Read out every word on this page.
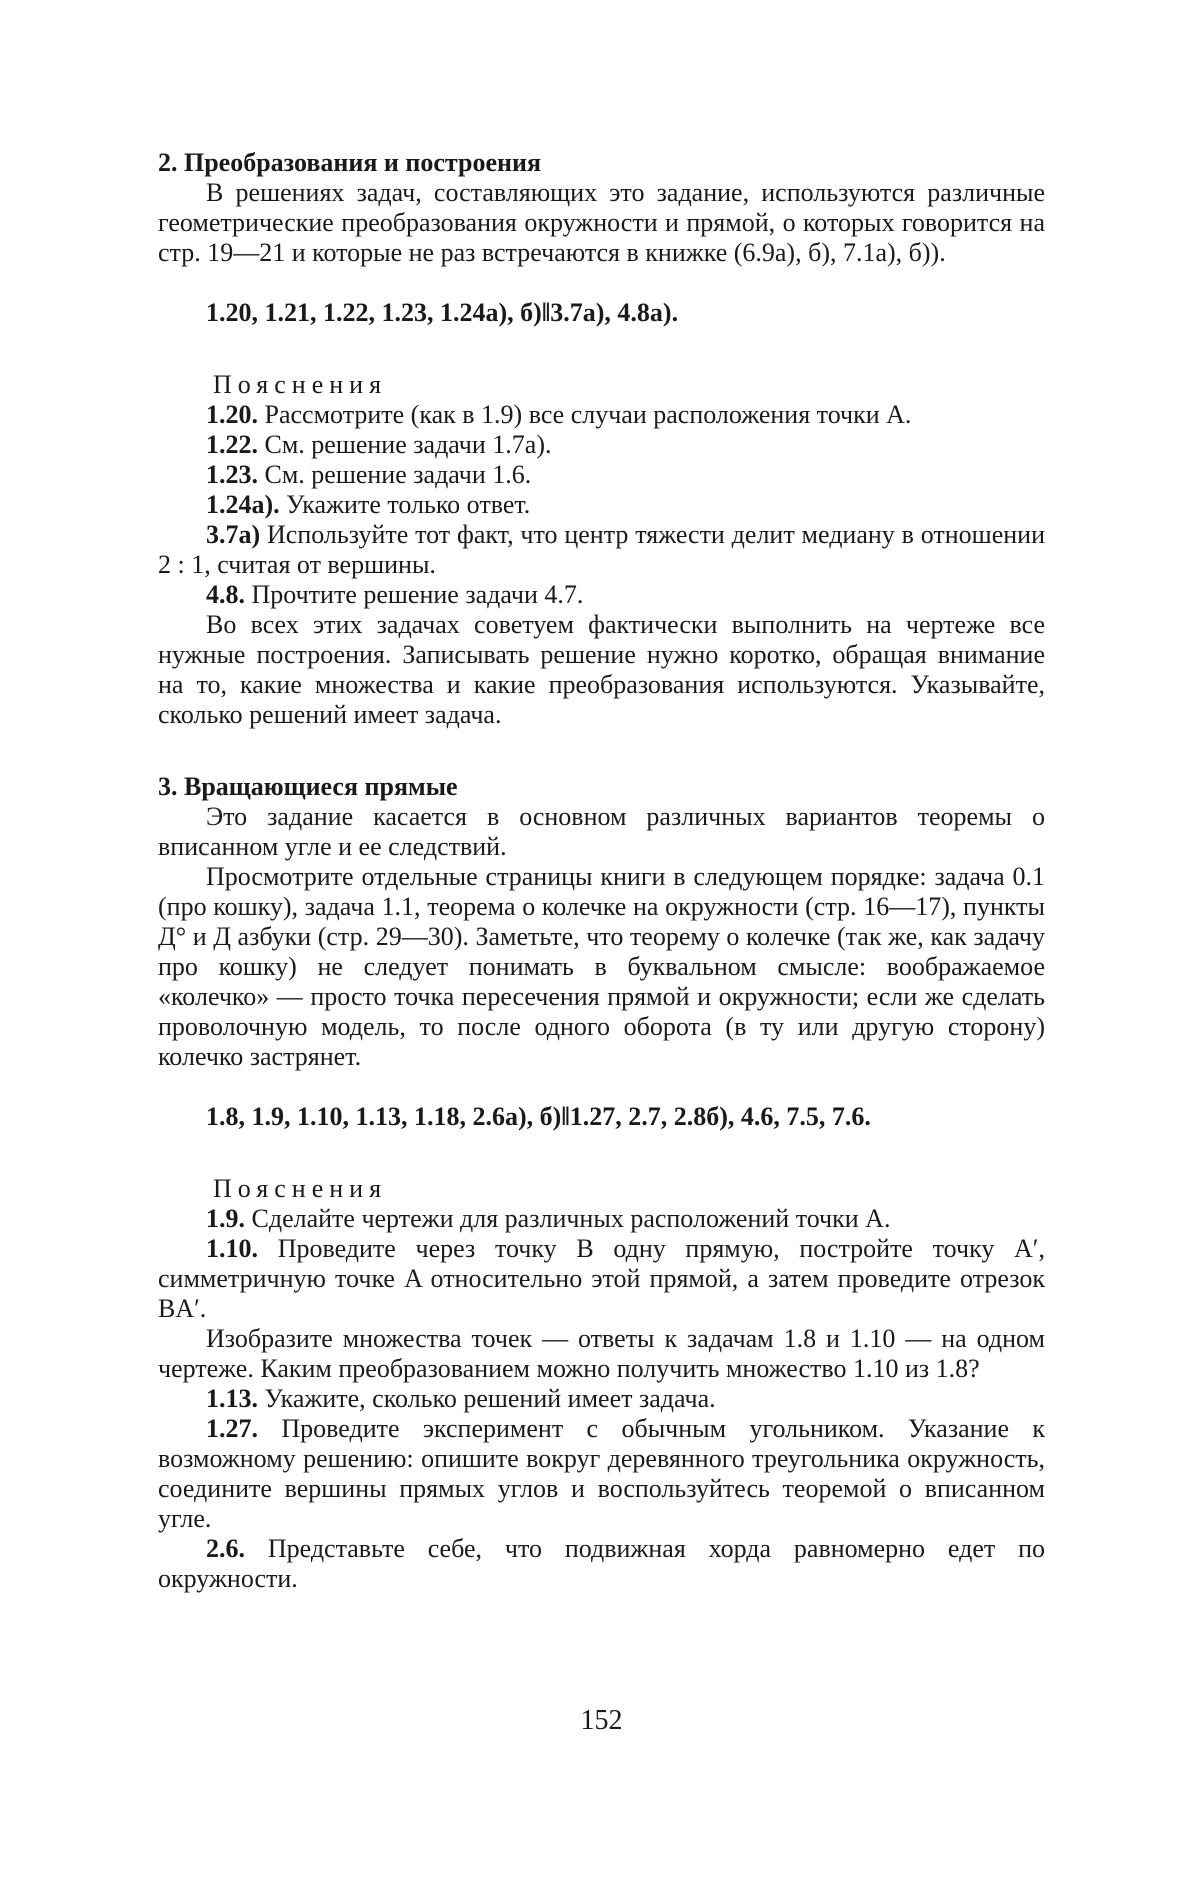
2. Преобразования и построения

В решениях задач, составляющих это задание, используются различные геометрические преобразования окружности и прямой, о которых говорится на стр. 19—21 и которые не раз встречаются в книжке (6.9а), б), 7.1а), б)).

1.20, 1.21, 1.22, 1.23, 1.24а), б)‖3.7а), 4.8а).

Пояснения

1.20. Рассмотрите (как в 1.9) все случаи расположения точки А.

1.22. См. решение задачи 1.7а).

1.23. См. решение задачи 1.6.

1.24а). Укажите только ответ.

3.7а) Используйте тот факт, что центр тяжести делит медиану в отношении 2 : 1, считая от вершины.

4.8. Прочтите решение задачи 4.7.

Во всех этих задачах советуем фактически выполнить на чертеже все нужные построения. Записывать решение нужно коротко, обращая внимание на то, какие множества и какие преобразования используются. Указывайте, сколько решений имеет задача.

3. Вращающиеся прямые

Это задание касается в основном различных вариантов теоремы о вписанном угле и ее следствий.

Просмотрите отдельные страницы книги в следующем порядке: задача 0.1 (про кошку), задача 1.1, теорема о колечке на окружности (стр. 16—17), пункты Д° и Д азбуки (стр. 29—30). Заметьте, что теорему о колечке (так же, как задачу про кошку) не следует понимать в буквальном смысле: воображаемое «колечко» — просто точка пересечения прямой и окружности; если же сделать проволочную модель, то после одного оборота (в ту или другую сторону) колечко застрянет.

1.8, 1.9, 1.10, 1.13, 1.18, 2.6а), б)‖1.27, 2.7, 2.8б), 4.6, 7.5, 7.6.

Пояснения

1.9. Сделайте чертежи для различных расположений точки А.

1.10. Проведите через точку B одну прямую, постройте точку A′, симметричную точке A относительно этой прямой, а затем проведите отрезок BA′.

Изобразите множества точек — ответы к задачам 1.8 и 1.10 — на одном чертеже. Каким преобразованием можно получить множество 1.10 из 1.8?

1.13. Укажите, сколько решений имеет задача.

1.27. Проведите эксперимент с обычным угольником. Указание к возможному решению: опишите вокруг деревянного треугольника окружность, соедините вершины прямых углов и воспользуйтесь теоремой о вписанном угле.

2.6. Представьте себе, что подвижная хорда равномерно едет по окружности.

152
